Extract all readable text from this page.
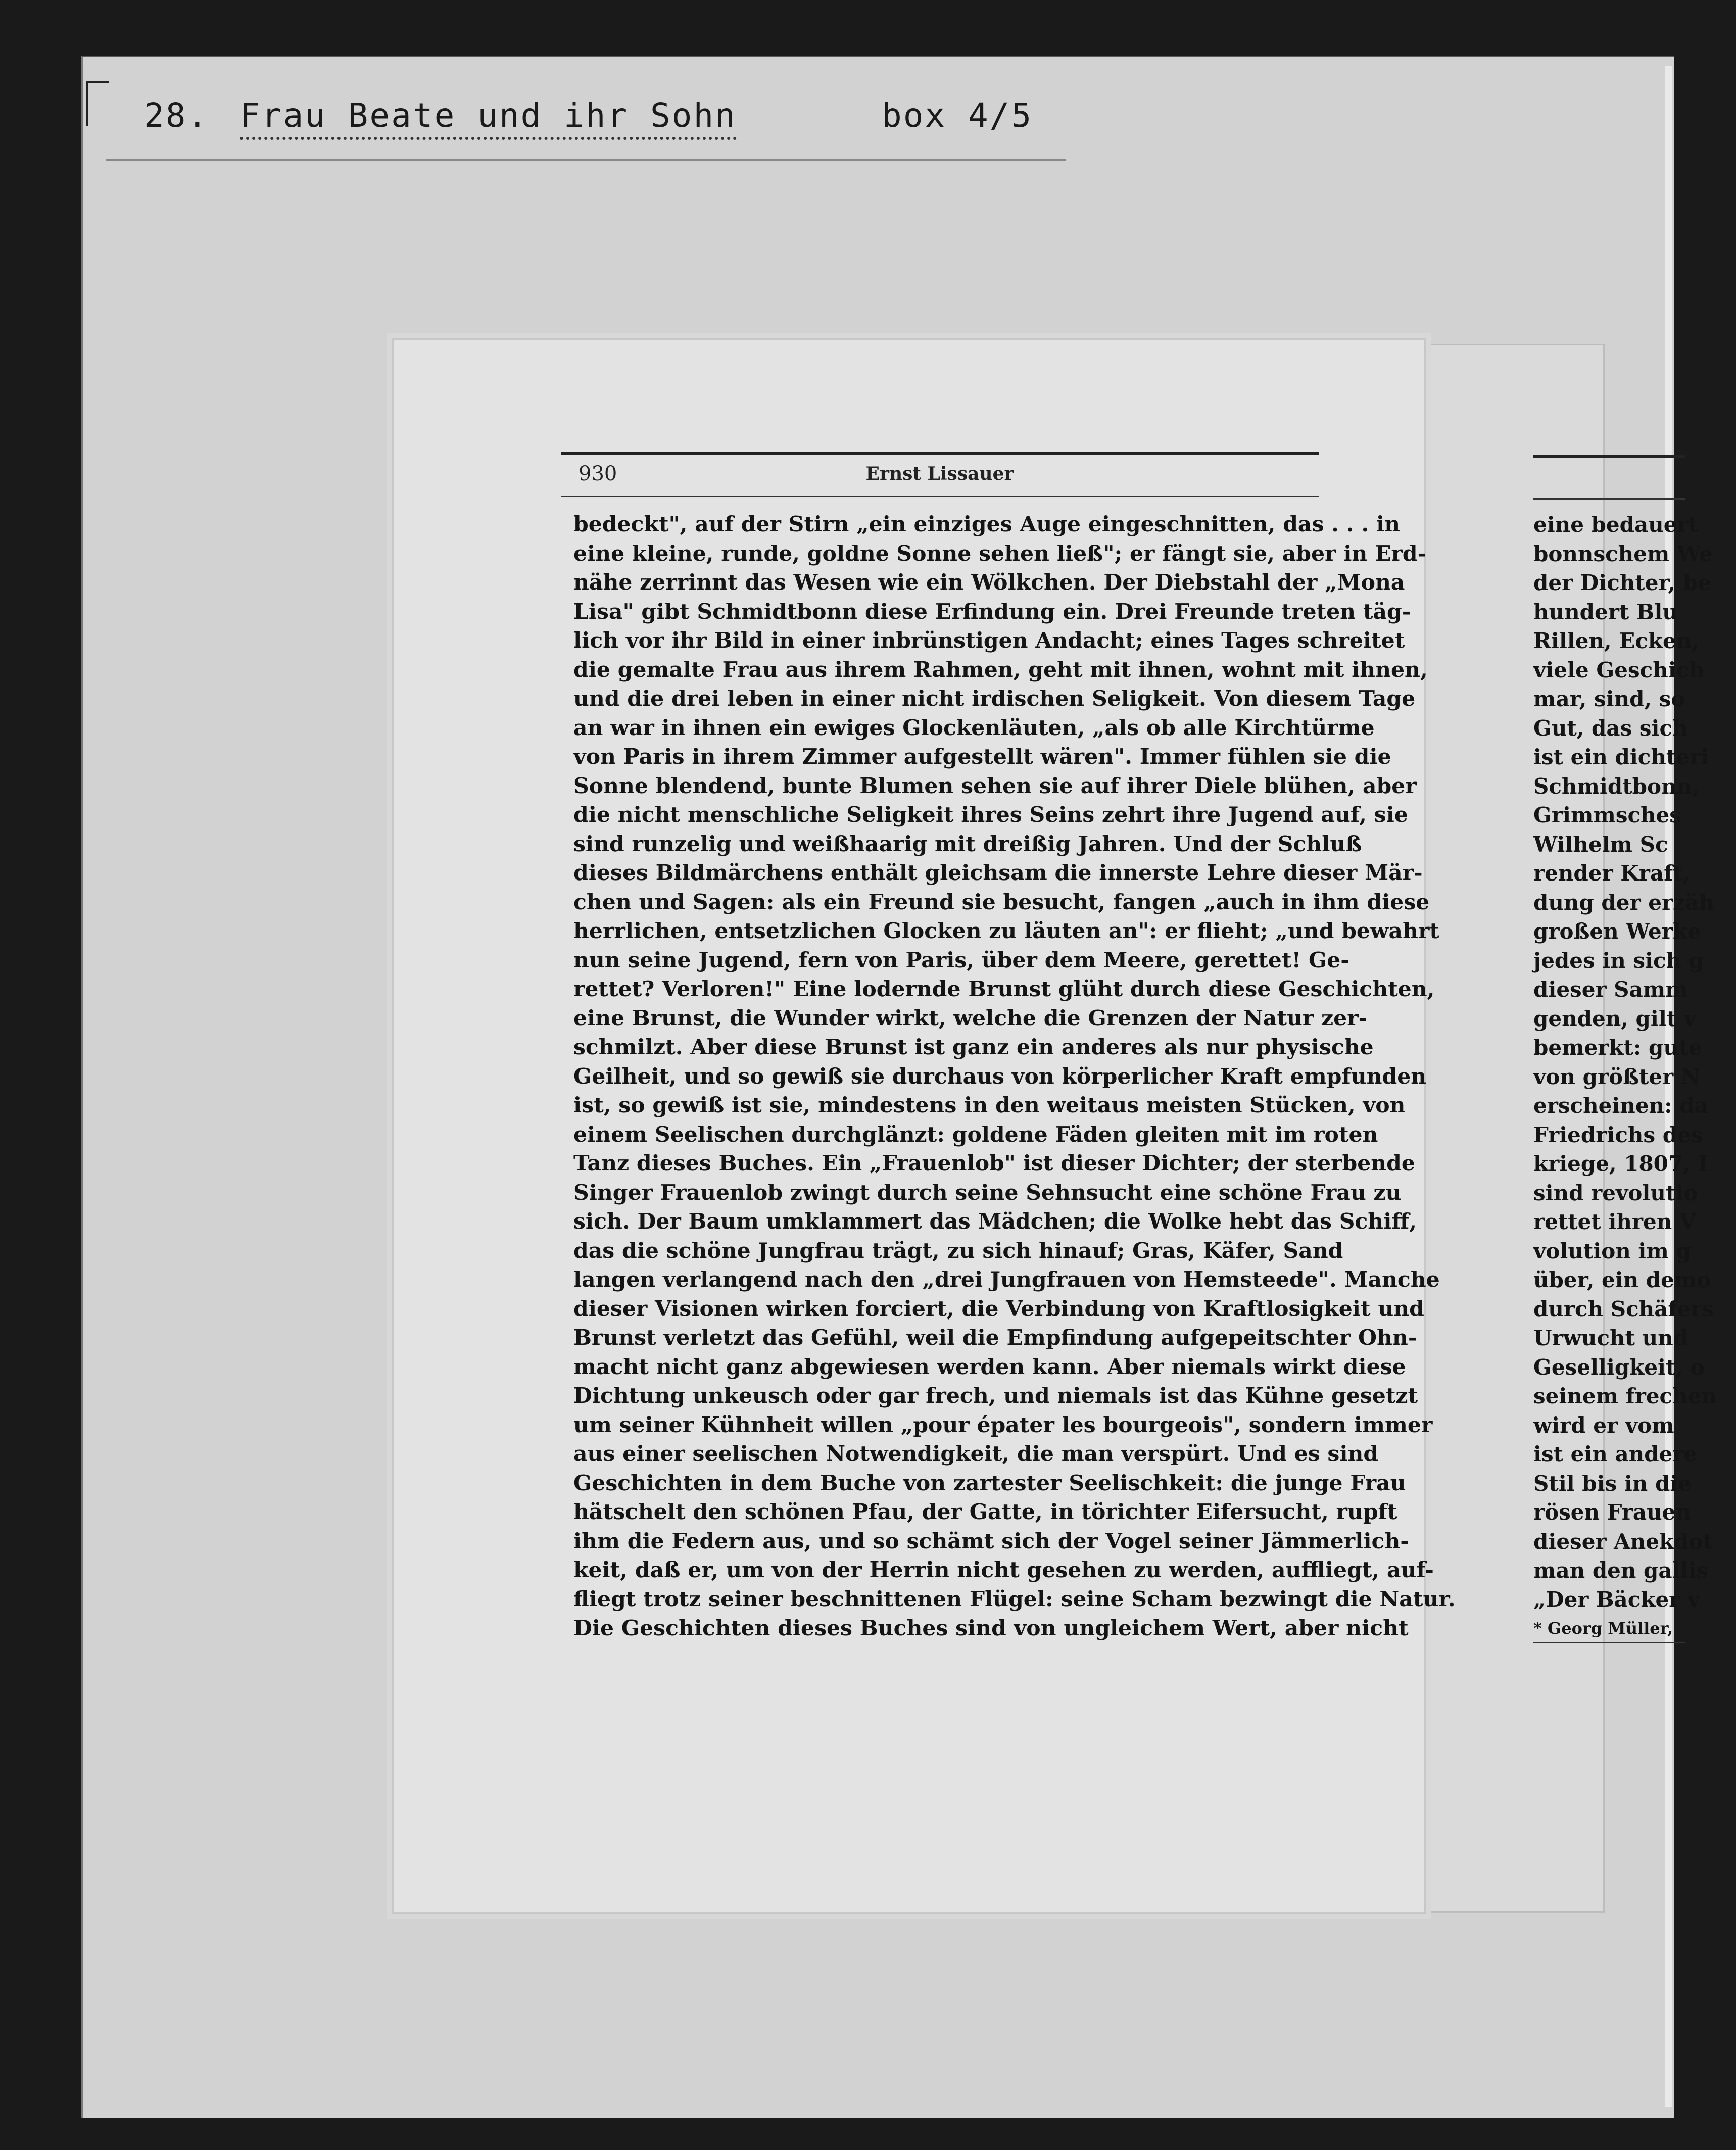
28. Frau Beate und ihr Sohn	box 4/5
930	Ernst Lissauer
bedeckt", auf der Stirn „ein einziges Auge eingeschnitten, das . . . in
eine kleine, runde, goldne Sonne sehen ließ"; er fängt sie, aber in Erd-
nähe zerrinnt das Wesen wie ein Wölkchen. Der Diebstahl der „Mona
Lisa" gibt Schmidtbonn diese Erfindung ein. Drei Freunde treten täg-
lich vor ihr Bild in einer inbrünstigen Andacht; eines Tages schreitet
die gemalte Frau aus ihrem Rahmen, geht mit ihnen, wohnt mit ihnen,
und die drei leben in einer nicht irdischen Seligkeit. Von diesem Tage
an war in ihnen ein ewiges Glockenläuten, „als ob alle Kirchtürme
von Paris in ihrem Zimmer aufgestellt wären". Immer fühlen sie die
Sonne blendend, bunte Blumen sehen sie auf ihrer Diele blühen, aber
die nicht menschliche Seligkeit ihres Seins zehrt ihre Jugend auf, sie
sind runzelig und weißhaarig mit dreißig Jahren. Und der Schluß
dieses Bildmärchens enthält gleichsam die innerste Lehre dieser Mär-
chen und Sagen: als ein Freund sie besucht, fangen „auch in ihm diese
herrlichen, entsetzlichen Glocken zu läuten an": er flieht; „und bewahrt
nun seine Jugend, fern von Paris, über dem Meere, gerettet! Ge-
rettet? Verloren!" Eine lodernde Brunst glüht durch diese Geschichten,
eine Brunst, die Wunder wirkt, welche die Grenzen der Natur zer-
schmilzt. Aber diese Brunst ist ganz ein anderes als nur physische
Geilheit, und so gewiß sie durchaus von körperlicher Kraft empfunden
ist, so gewiß ist sie, mindestens in den weitaus meisten Stücken, von
einem Seelischen durchglänzt: goldene Fäden gleiten mit im roten
Tanz dieses Buches. Ein „Frauenlob" ist dieser Dichter; der sterbende
Singer Frauenlob zwingt durch seine Sehnsucht eine schöne Frau zu
sich. Der Baum umklammert das Mädchen; die Wolke hebt das Schiff,
das die schöne Jungfrau trägt, zu sich hinauf; Gras, Käfer, Sand
langen verlangend nach den „drei Jungfrauen von Hemsteede". Manche
dieser Visionen wirken forciert, die Verbindung von Kraftlosigkeit und
Brunst verletzt das Gefühl, weil die Empfindung aufgepeitschter Ohn-
macht nicht ganz abgewiesen werden kann. Aber niemals wirkt diese
Dichtung unkeusch oder gar frech, und niemals ist das Kühne gesetzt
um seiner Kühnheit willen „pour épater les bourgeois", sondern immer
aus einer seelischen Notwendigkeit, die man verspürt. Und es sind
Geschichten in dem Buche von zartester Seelischkeit: die junge Frau
hätschelt den schönen Pfau, der Gatte, in törichter Eifersucht, rupft
ihm die Federn aus, und so schämt sich der Vogel seiner Jämmerlich-
keit, daß er, um von der Herrin nicht gesehen zu werden, auffliegt, auf-
fliegt trotz seiner beschnittenen Flügel: seine Scham bezwingt die Natur.
Die Geschichten dieses Buches sind von ungleichem Wert, aber nicht
eine bedauert
bonnschem We
der Dichter, be
hundert Blu
Rillen, Ecken,
viele Geschich
mar, sind, so
Gut, das sich
ist ein dichteri
Schmidtbonn,
Grimmsches
Wilhelm Sc
render Kraft,
dung der erzäh
großen Werke
jedes in sich g
dieser Samm
genden, gilt v
bemerkt: gute
von größter N
erscheinen: da
Friedrichs des
kriege, 1807, I
sind revolutio
rettet ihren V
volution im g
über, ein demo
durch Schäfers
Urwucht und
Geselligkeit, o
seinem frechen
wird er vom
ist ein andere
Stil bis in die
rösen Frauen
dieser Anekdot
man den gallis
„Der Bäcker v
* Georg Müller,
